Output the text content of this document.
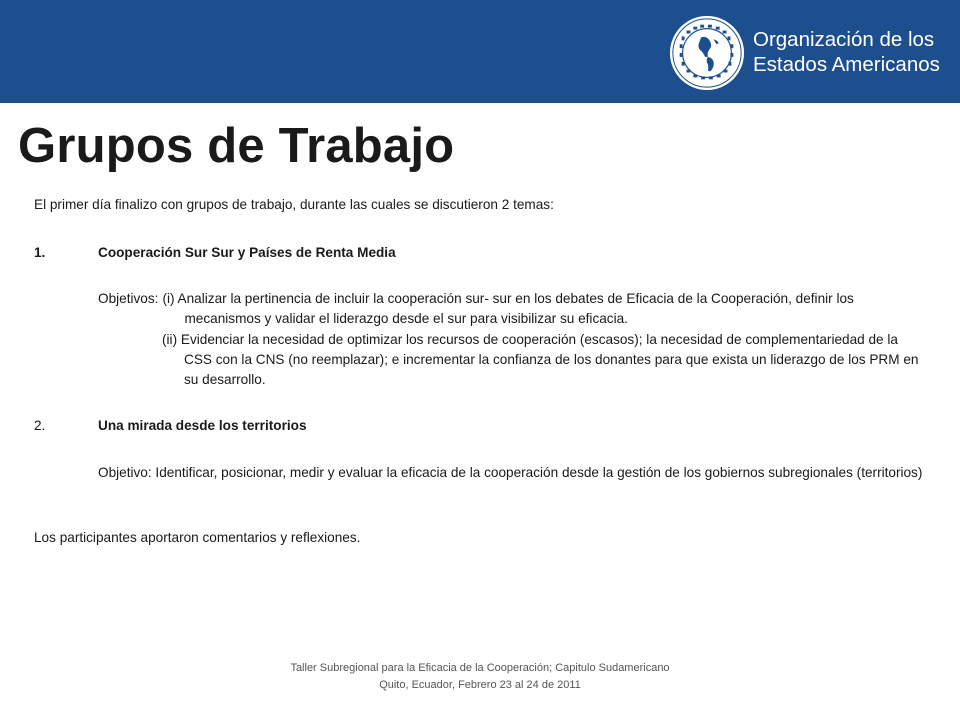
Organización de los
Estados Americanos
Grupos de Trabajo

El primer día finalizo con grupos de trabajo, durante las cuales se discutieron 2 temas:

1.	Cooperación Sur Sur y Países de Renta Media
Objetivos: (i) Analizar la pertinencia de incluir la cooperación sur- sur en los debates de Eficacia de la Cooperación, definir los mecanismos y validar el liderazgo desde el sur para visibilizar su eficacia.

(ii) Evidenciar la necesidad de optimizar los recursos de cooperación (escasos); la necesidad de complementariedad de la CSS con la CNS (no reemplazar); e incrementar la confianza de los donantes para que exista un liderazgo de los PRM en su desarrollo.

2.	Una mirada desde los territorios

Objetivo: Identificar, posicionar, medir y evaluar la eficacia de la cooperación desde la gestión de los gobiernos subregionales (territorios)

Los participantes aportaron comentarios y reflexiones.

Taller Subregional para la Eficacia de la Cooperación; Capitulo Sudamericano
Quito, Ecuador, Febrero 23 al 24 de 2011
